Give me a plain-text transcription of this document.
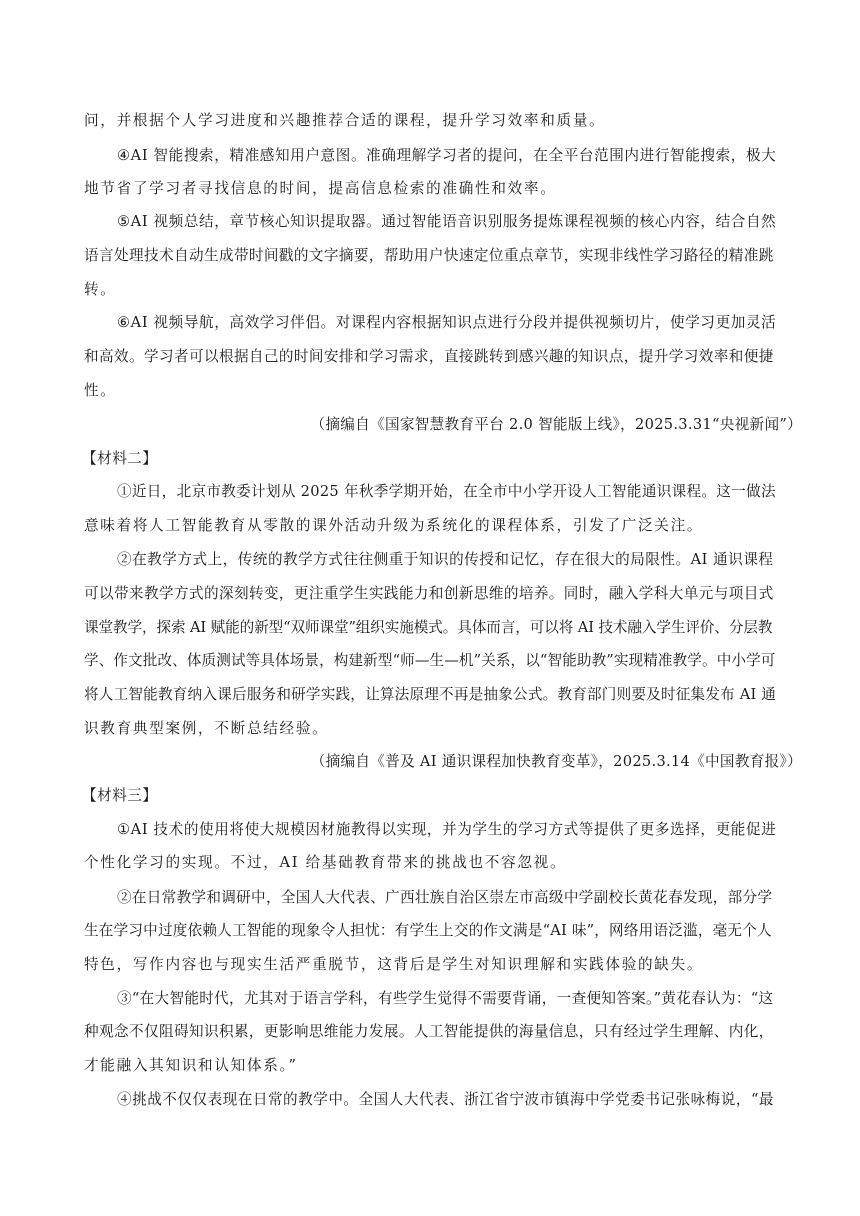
问，并根据个人学习进度和兴趣推荐合适的课程，提升学习效率和质量。
④AI 智能搜索，精准感知用户意图。准确理解学习者的提问，在全平台范围内进行智能搜索，极大
地节省了学习者寻找信息的时间，提高信息检索的准确性和效率。
⑤AI 视频总结，章节核心知识提取器。通过智能语音识别服务提炼课程视频的核心内容，结合自然
语言处理技术自动生成带时间戳的文字摘要，帮助用户快速定位重点章节，实现非线性学习路径的精准跳
转。
⑥AI 视频导航，高效学习伴侣。对课程内容根据知识点进行分段并提供视频切片，使学习更加灵活
和高效。学习者可以根据自己的时间安排和学习需求，直接跳转到感兴趣的知识点，提升学习效率和便捷
性。
（摘编自《国家智慧教育平台 2.0 智能版上线》，2025.3.31“央视新闻”）
【材料二】
①近日，北京市教委计划从 2025 年秋季学期开始，在全市中小学开设人工智能通识课程。这一做法
意味着将人工智能教育从零散的课外活动升级为系统化的课程体系，引发了广泛关注。
②在教学方式上，传统的教学方式往往侧重于知识的传授和记忆，存在很大的局限性。AI 通识课程
可以带来教学方式的深刻转变，更注重学生实践能力和创新思维的培养。同时，融入学科大单元与项目式
课堂教学，探索 AI 赋能的新型“双师课堂”组织实施模式。具体而言，可以将 AI 技术融入学生评价、分层教
学、作文批改、体质测试等具体场景，构建新型“师—生—机”关系，以“智能助教”实现精准教学。中小学可
将人工智能教育纳入课后服务和研学实践，让算法原理不再是抽象公式。教育部门则要及时征集发布 AI 通
识教育典型案例，不断总结经验。
（摘编自《普及 AI 通识课程加快教育变革》，2025.3.14《中国教育报》）
【材料三】
①AI 技术的使用将使大规模因材施教得以实现，并为学生的学习方式等提供了更多选择，更能促进
个性化学习的实现。不过，AI 给基础教育带来的挑战也不容忽视。
②在日常教学和调研中，全国人大代表、广西壮族自治区崇左市高级中学副校长黄花春发现，部分学
生在学习中过度依赖人工智能的现象令人担忧：有学生上交的作文满是“AI 味”，网络用语泛滥，毫无个人
特色，写作内容也与现实生活严重脱节，这背后是学生对知识理解和实践体验的缺失。
③“在大智能时代，尤其对于语言学科，有些学生觉得不需要背诵，一查便知答案。”黄花春认为：“这
种观念不仅阻碍知识积累，更影响思维能力发展。人工智能提供的海量信息，只有经过学生理解、内化，
才能融入其知识和认知体系。”
④挑战不仅仅表现在日常的教学中。全国人大代表、浙江省宁波市镇海中学党委书记张咏梅说，“最
